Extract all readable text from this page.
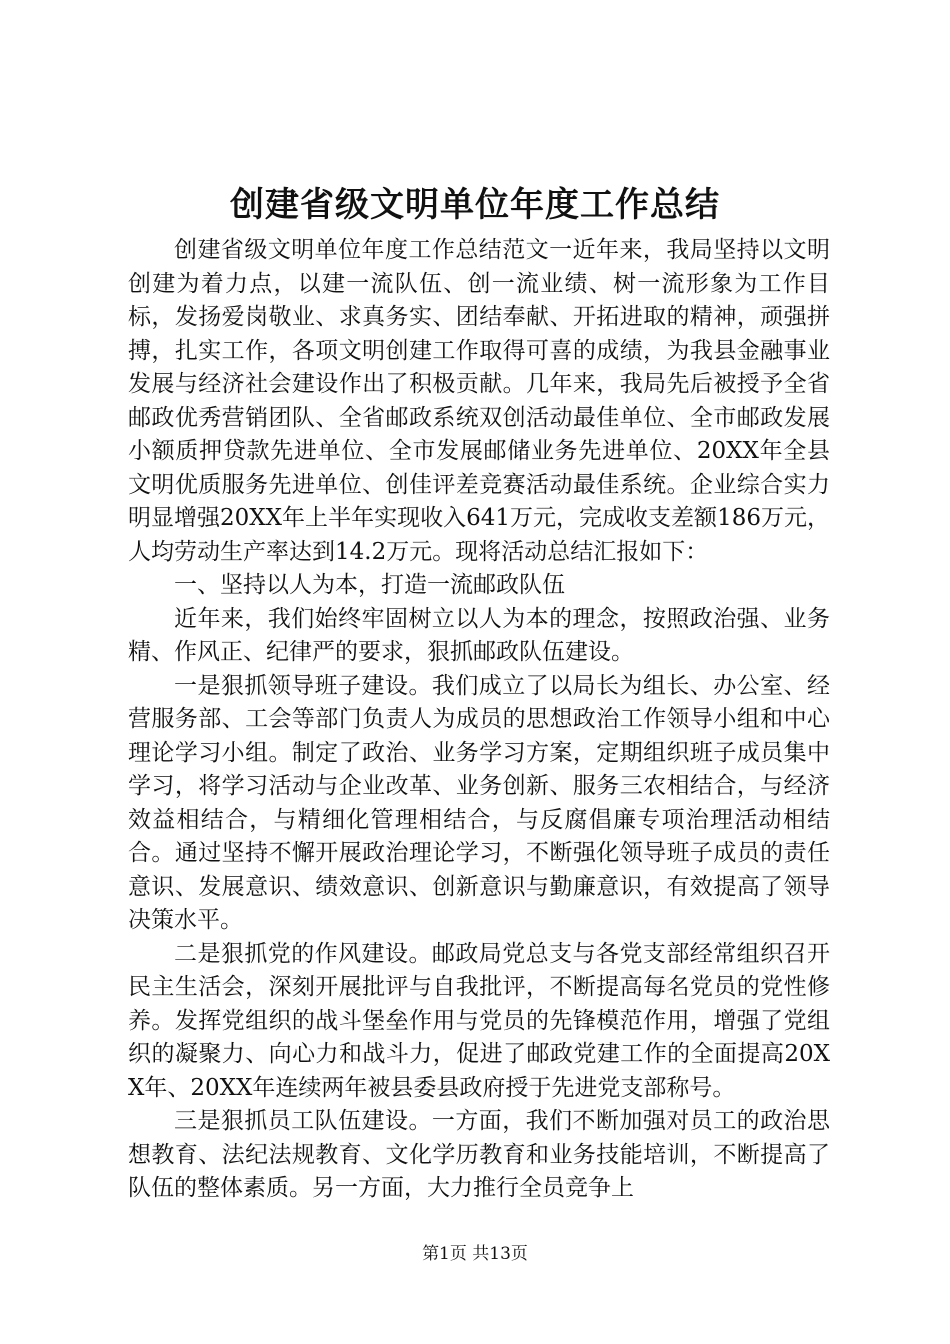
创建省级文明单位年度工作总结

创建省级文明单位年度工作总结范文一近年来，我局坚持以文明创建为着力点，以建一流队伍、创一流业绩、树一流形象为工作目标，发扬爱岗敬业、求真务实、团结奉献、开拓进取的精神，顽强拼搏，扎实工作，各项文明创建工作取得可喜的成绩，为我县金融事业发展与经济社会建设作出了积极贡献。几年来，我局先后被授予全省邮政优秀营销团队、全省邮政系统双创活动最佳单位、全市邮政发展小额质押贷款先进单位、全市发展邮储业务先进单位、20XX年全县文明优质服务先进单位、创佳评差竞赛活动最佳系统。企业综合实力明显增强20XX年上半年实现收入641万元，完成收支差额186万元，人均劳动生产率达到14.2万元。现将活动总结汇报如下：

一、坚持以人为本，打造一流邮政队伍

近年来，我们始终牢固树立以人为本的理念，按照政治强、业务精、作风正、纪律严的要求，狠抓邮政队伍建设。

一是狠抓领导班子建设。我们成立了以局长为组长、办公室、经营服务部、工会等部门负责人为成员的思想政治工作领导小组和中心理论学习小组。制定了政治、业务学习方案，定期组织班子成员集中学习，将学习活动与企业改革、业务创新、服务三农相结合，与经济效益相结合，与精细化管理相结合，与反腐倡廉专项治理活动相结合。通过坚持不懈开展政治理论学习，不断强化领导班子成员的责任意识、发展意识、绩效意识、创新意识与勤廉意识，有效提高了领导决策水平。

二是狠抓党的作风建设。邮政局党总支与各党支部经常组织召开民主生活会，深刻开展批评与自我批评，不断提高每名党员的党性修养。发挥党组织的战斗堡垒作用与党员的先锋模范作用，增强了党组织的凝聚力、向心力和战斗力，促进了邮政党建工作的全面提高20XX年、20XX年连续两年被县委县政府授于先进党支部称号。

三是狠抓员工队伍建设。一方面，我们不断加强对员工的政治思想教育、法纪法规教育、文化学历教育和业务技能培训，不断提高了队伍的整体素质。另一方面，大力推行全员竞争上

第1页 共13页
